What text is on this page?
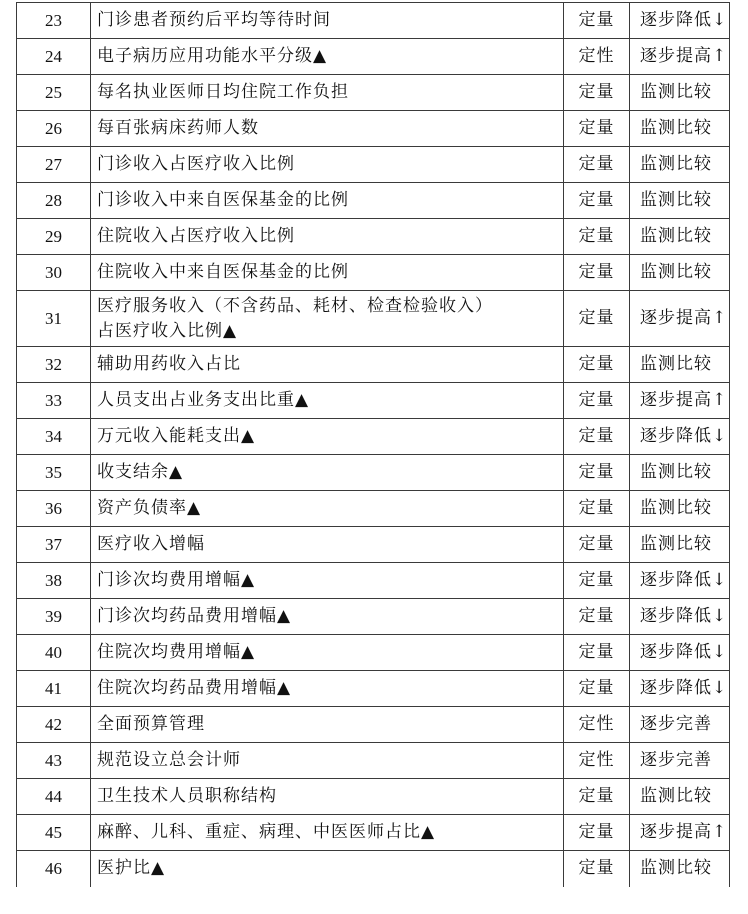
23	门诊患者预约后平均等待时间	定量	逐步降低↓
24	电子病历应用功能水平分级▲	定性	逐步提高↑
25	每名执业医师日均住院工作负担	定量	监测比较
26	每百张病床药师人数	定量	监测比较
27	门诊收入占医疗收入比例	定量	监测比较
28	门诊收入中来自医保基金的比例	定量	监测比较
29	住院收入占医疗收入比例	定量	监测比较
30	住院收入中来自医保基金的比例	定量	监测比较
31	医疗服务收入（不含药品、耗材、检查检验收入）
占医疗收入比例▲	定量	逐步提高↑
32	辅助用药收入占比	定量	监测比较
33	人员支出占业务支出比重▲	定量	逐步提高↑
34	万元收入能耗支出▲	定量	逐步降低↓
35	收支结余▲	定量	监测比较
36	资产负债率▲	定量	监测比较
37	医疗收入增幅	定量	监测比较
38	门诊次均费用增幅▲	定量	逐步降低↓
39	门诊次均药品费用增幅▲	定量	逐步降低↓
40	住院次均费用增幅▲	定量	逐步降低↓
41	住院次均药品费用增幅▲	定量	逐步降低↓
42	全面预算管理	定性	逐步完善
43	规范设立总会计师	定性	逐步完善
44	卫生技术人员职称结构	定量	监测比较
45	麻醉、儿科、重症、病理、中医医师占比▲	定量	逐步提高↑
46	医护比▲	定量	监测比较
